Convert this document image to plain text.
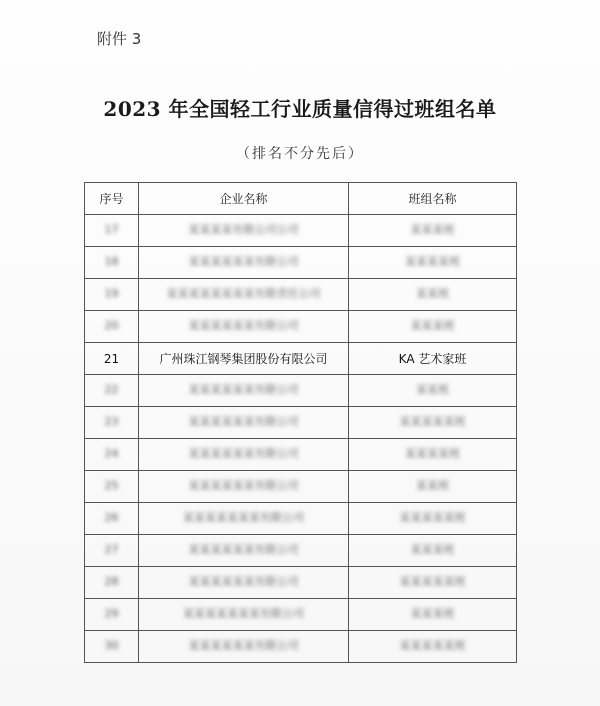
附件 3
2023 年全国轻工行业质量信得过班组名单
（排名不分先后）
序号	企业名称	班组名称
17	某某某某有限公司公司	某某某班
18	某某某某某某有限公司	某某某某班
19	某某某某某某某某有限责任公司	某某班
20	某某某某某某有限公司	某某某班
21	广州珠江钢琴集团股份有限公司	KA 艺术家班
22	某某某某某某有限公司	某某班
23	某某某某某某有限公司	某某某某某班
24	某某某某某某有限公司	某某某某班
25	某某某某某某有限公司	某某班
26	某某某某某某某有限公司	某某某某某班
27	某某某某某某有限公司	某某某班
28	某某某某某某有限公司	某某某某某班
29	某某某某某某某有限公司	某某某班
30	某某某某某某有限公司	某某某某某班
